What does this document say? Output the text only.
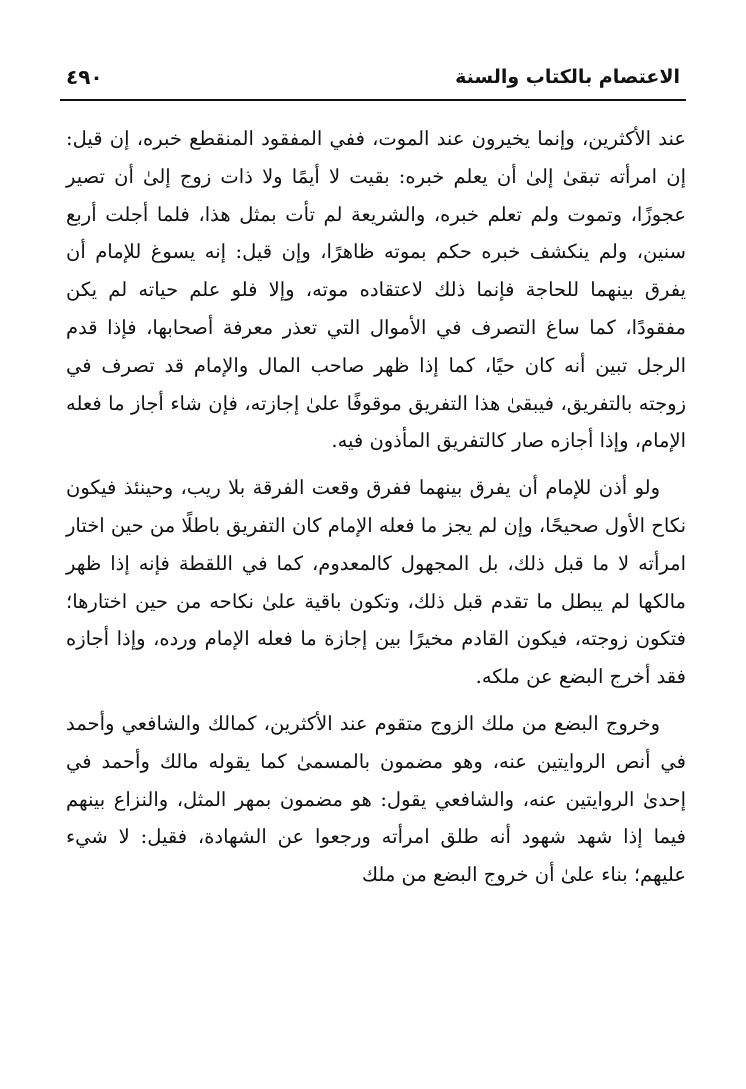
الاعتصام بالكتاب والسنة
٤٩٠

عند الأكثرين، وإنما يخيرون عند الموت، ففي المفقود المنقطع خبره، إن قيل: إن امرأته تبقىٰ إلىٰ أن يعلم خبره: بقيت لا أيمًا ولا ذات زوج إلىٰ أن تصير عجوزًا، وتموت ولم تعلم خبره، والشريعة لم تأت بمثل هذا، فلما أجلت أربع سنين، ولم ينكشف خبره حكم بموته ظاهرًا، وإن قيل: إنه يسوغ للإمام أن يفرق بينهما للحاجة فإنما ذلك لاعتقاده موته، وإلا فلو علم حياته لم يكن مفقودًا، كما ساغ التصرف في الأموال التي تعذر معرفة أصحابها، فإذا قدم الرجل تبين أنه كان حيًا، كما إذا ظهر صاحب المال والإمام قد تصرف في زوجته بالتفريق، فيبقىٰ هذا التفريق موقوفًا علىٰ إجازته، فإن شاء أجاز ما فعله الإمام، وإذا أجازه صار كالتفريق المأذون فيه.

ولو أذن للإمام أن يفرق بينهما ففرق وقعت الفرقة بلا ريب، وحينئذ فيكون نكاح الأول صحيحًا، وإن لم يجز ما فعله الإمام كان التفريق باطلًا من حين اختار امرأته لا ما قبل ذلك، بل المجهول كالمعدوم، كما في اللقطة فإنه إذا ظهر مالكها لم يبطل ما تقدم قبل ذلك، وتكون باقية علىٰ نكاحه من حين اختارها؛ فتكون زوجته، فيكون القادم مخيرًا بين إجازة ما فعله الإمام ورده، وإذا أجازه فقد أخرج البضع عن ملكه.

وخروج البضع من ملك الزوج متقوم عند الأكثرين، كمالك والشافعي وأحمد في أنص الروايتين عنه، وهو مضمون بالمسمىٰ كما يقوله مالك وأحمد في إحدىٰ الروايتين عنه، والشافعي يقول: هو مضمون بمهر المثل، والنزاع بينهم فيما إذا شهد شهود أنه طلق امرأته ورجعوا عن الشهادة، فقيل: لا شيء عليهم؛ بناء علىٰ أن خروج البضع من ملك
